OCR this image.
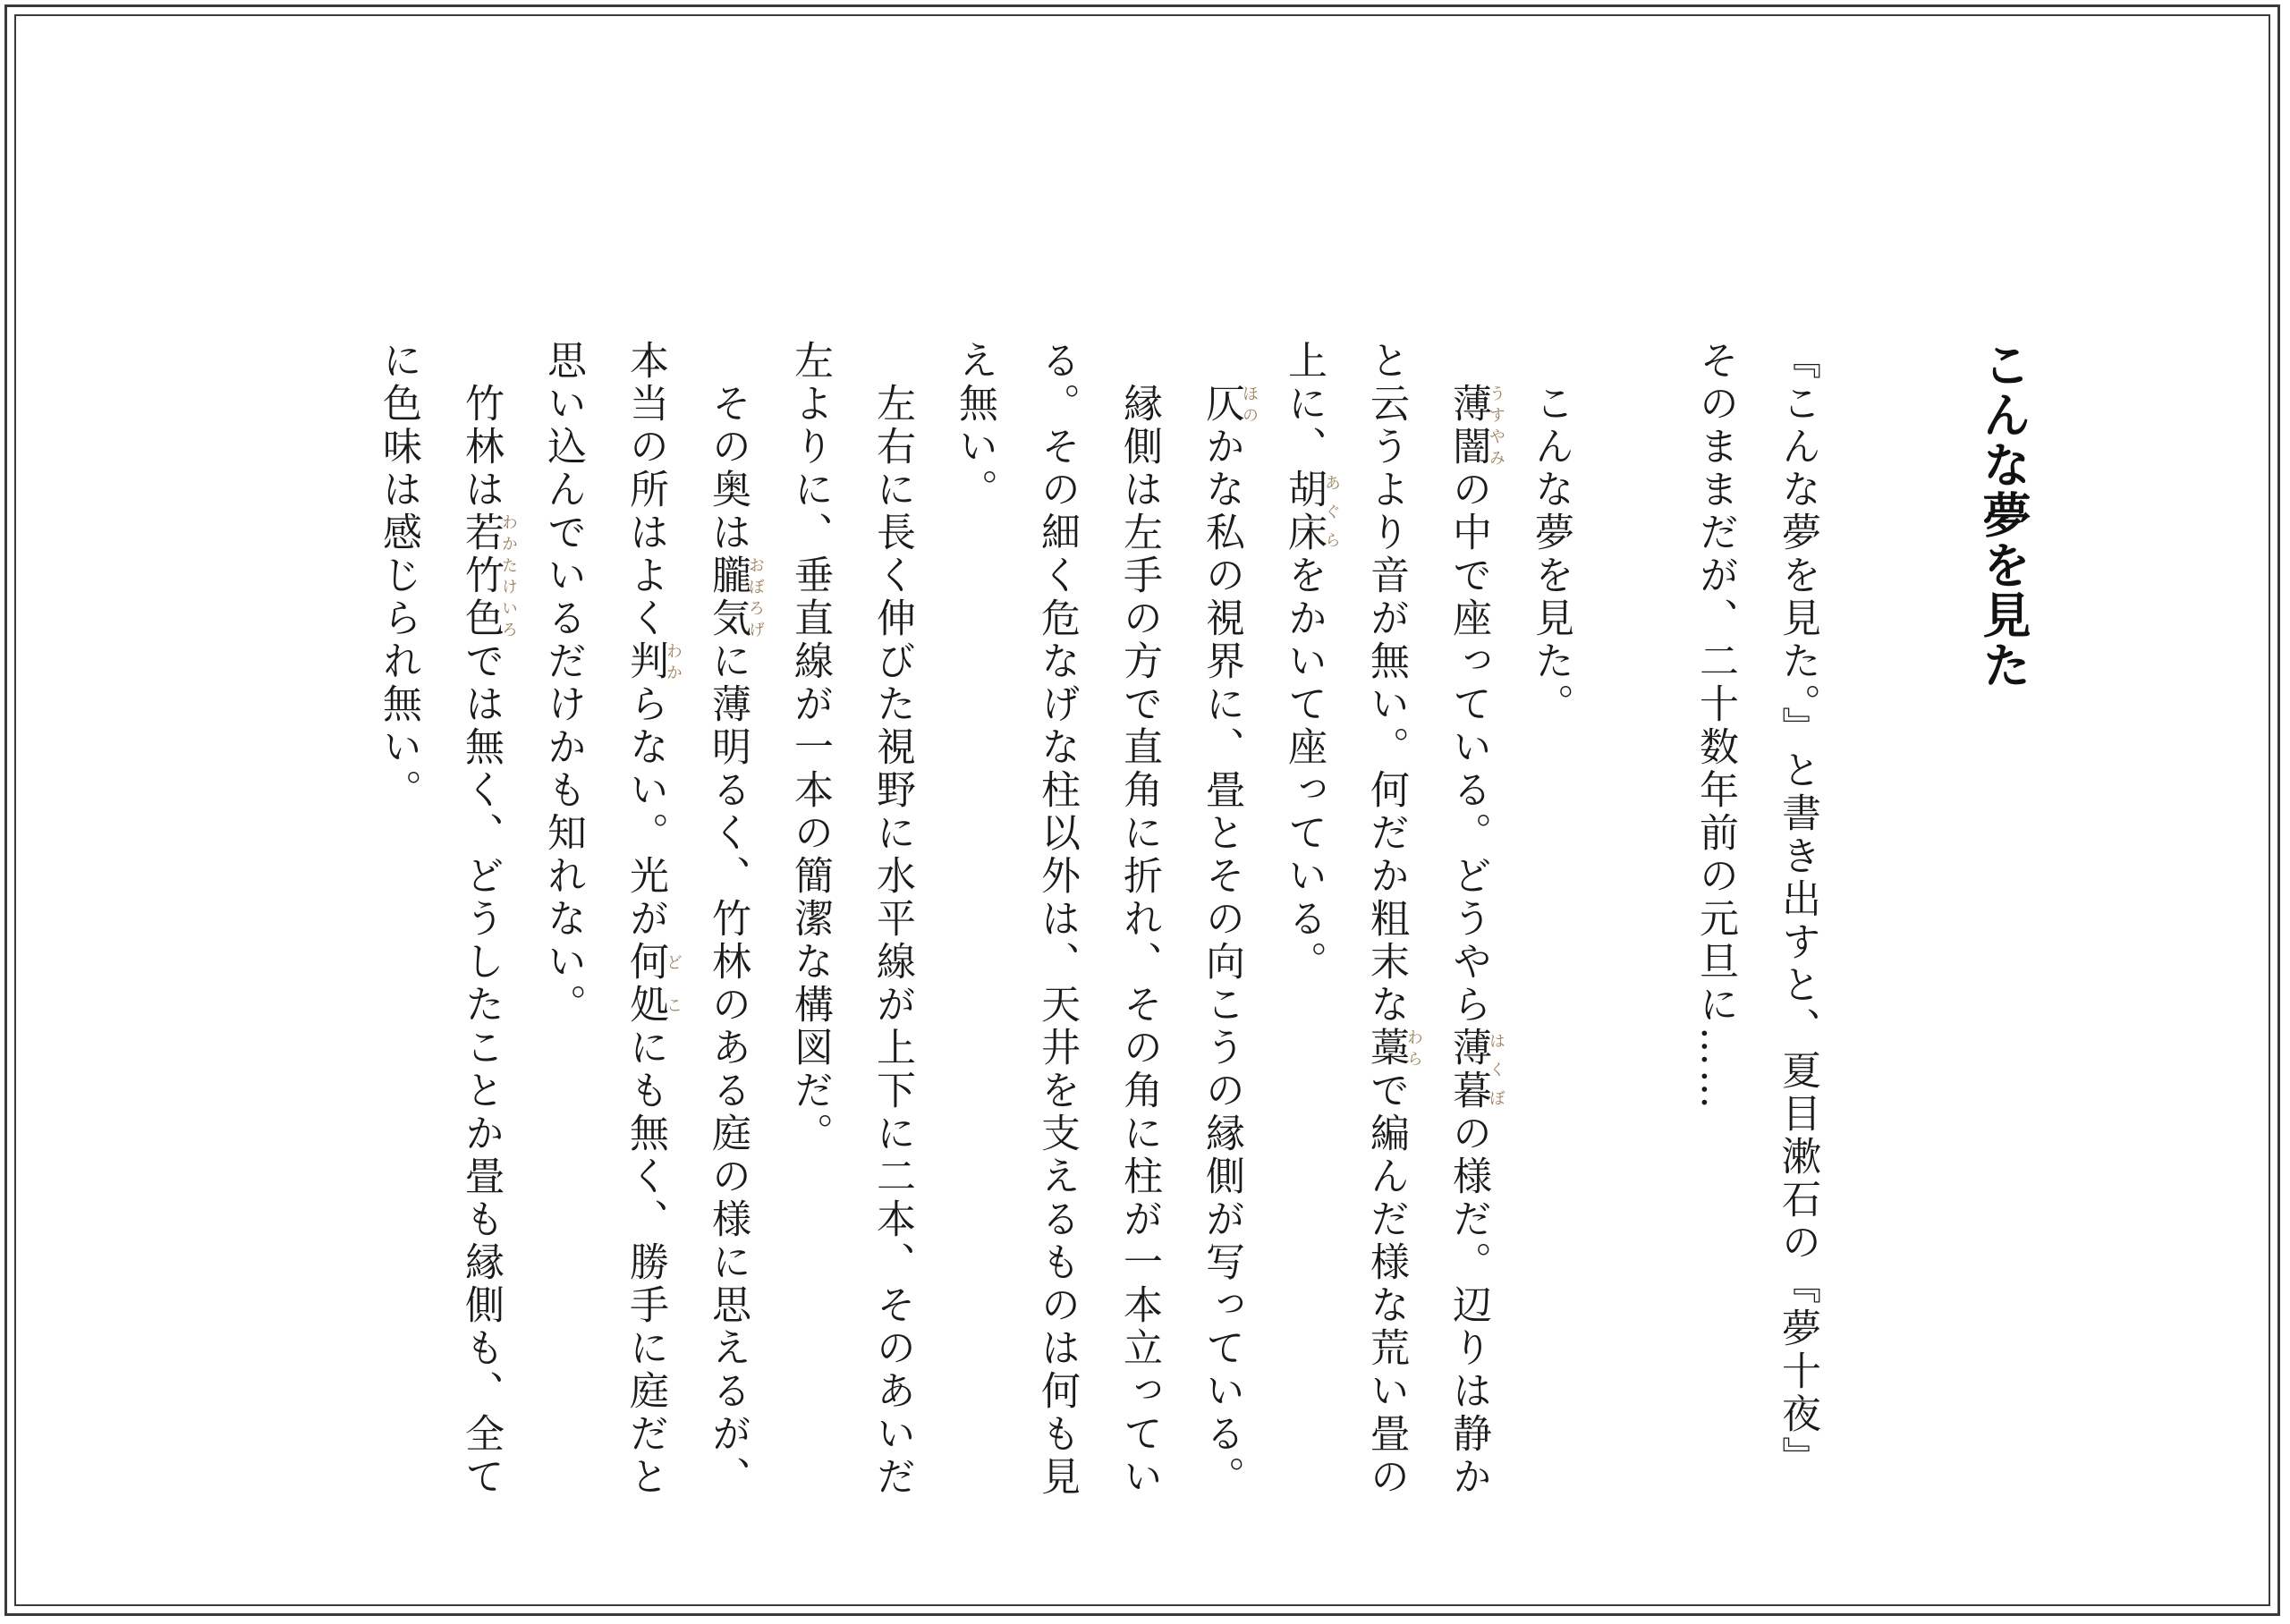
こんな夢を見た

『こんな夢を見た。』と書き出すと、夏目漱石の『夢十夜』

そのままだが、二十数年前の元旦に……

　こんな夢を見た。

　薄闇うすやみの中で座っている。どうやら薄暮はくぼの様だ。辺りは静かと云うより音が無い。何だか粗末な藁わらで編んだ様な荒い畳の上に、胡床あぐらをかいて座っている。

　仄ほのかな私の視界に、畳とその向こうの縁側が写っている。

　縁側は左手の方で直角に折れ、その角に柱が一本立っている。その細く危なげな柱以外は、天井を支えるものは何も見え無い。

　左右に長く伸びた視野に水平線が上下に二本、そのあいだ左よりに、垂直線が一本の簡潔な構図だ。

　その奥は朧気おぼろげに薄明るく、竹林のある庭の様に思えるが、本当の所はよく判わからない。光が何処どこにも無く、勝手に庭だと思い込んでいるだけかも知れない。

　竹林は若竹色わかたけいろでは無く、どうしたことか畳も縁側も、全てに色味は感じられ無い。
